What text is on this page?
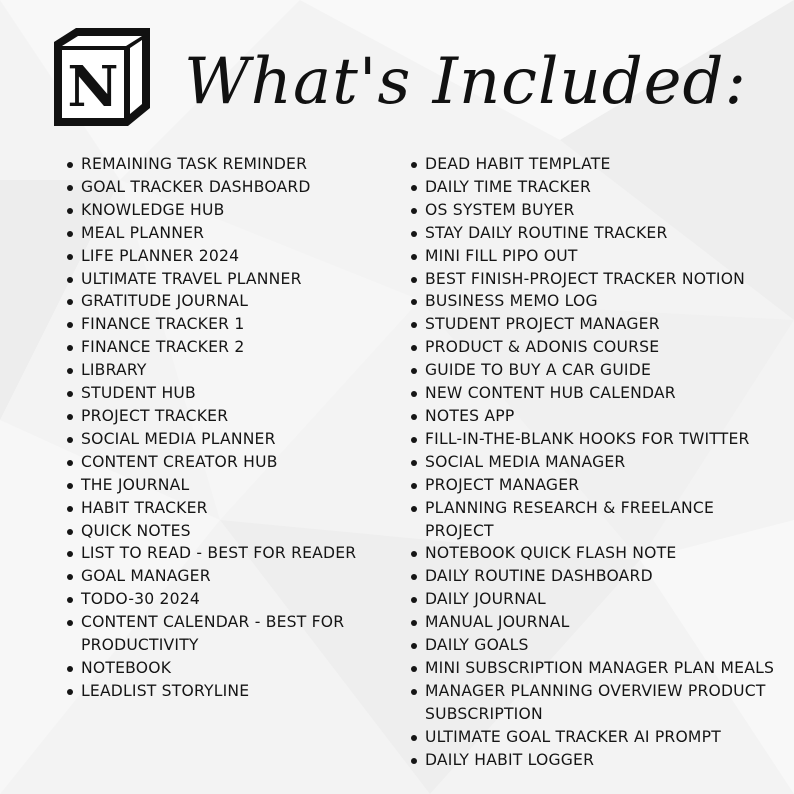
N What's Included:
REMAINING TASK REMINDER
GOAL TRACKER DASHBOARD
KNOWLEDGE HUB
MEAL PLANNER
LIFE PLANNER 2024
ULTIMATE TRAVEL PLANNER
GRATITUDE JOURNAL
FINANCE TRACKER 1
FINANCE TRACKER 2
LIBRARY
STUDENT HUB
PROJECT TRACKER
SOCIAL MEDIA PLANNER
CONTENT CREATOR HUB
THE JOURNAL
HABIT TRACKER
QUICK NOTES
LIST TO READ - BEST FOR READER
GOAL MANAGER
TODO-30 2024
CONTENT CALENDAR - BEST FOR
PRODUCTIVITY
NOTEBOOK
LEADLIST STORYLINE
DEAD HABIT TEMPLATE
DAILY TIME TRACKER
OS SYSTEM BUYER
STAY DAILY ROUTINE TRACKER
MINI FILL PIPO OUT
BEST FINISH-PROJECT TRACKER NOTION
BUSINESS MEMO LOG
STUDENT PROJECT MANAGER
PRODUCT & ADONIS COURSE
GUIDE TO BUY A CAR GUIDE
NEW CONTENT HUB CALENDAR
NOTES APP
FILL-IN-THE-BLANK HOOKS FOR TWITTER
SOCIAL MEDIA MANAGER
PROJECT MANAGER
PLANNING RESEARCH & FREELANCE PROJECT
NOTEBOOK QUICK FLASH NOTE
DAILY ROUTINE DASHBOARD
DAILY JOURNAL
MANUAL JOURNAL
DAILY GOALS
MINI SUBSCRIPTION MANAGER PLAN MEALS
MANAGER PLANNING OVERVIEW PRODUCT
SUBSCRIPTION
ULTIMATE GOAL TRACKER AI PROMPT
DAILY HABIT LOGGER
